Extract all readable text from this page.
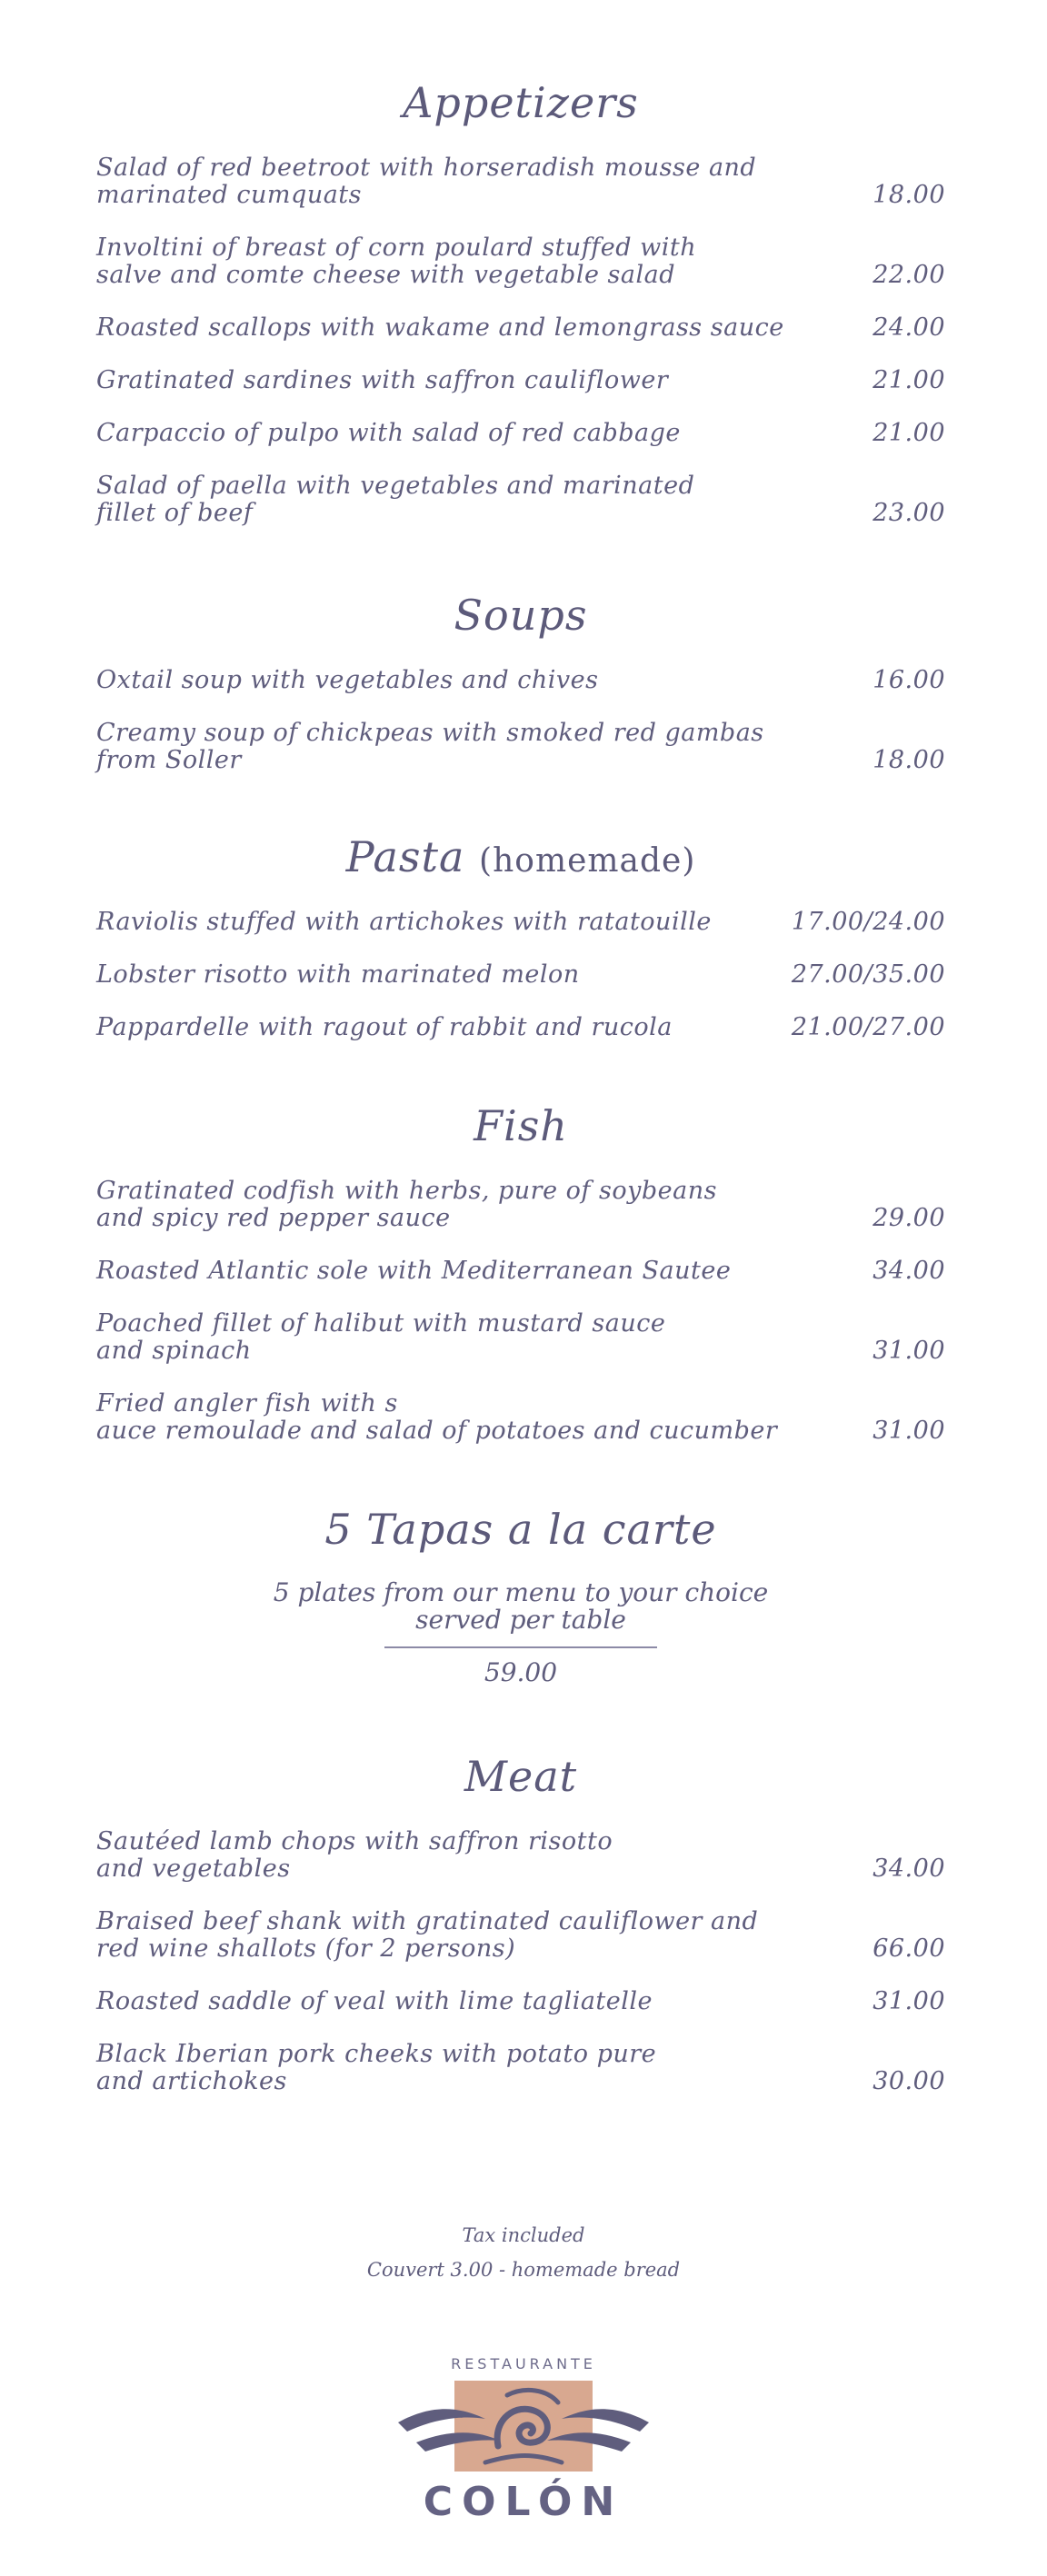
Appetizers
Salad of red beetroot with horseradish mousse and
marinated cumquats	18.00
Involtini of breast of corn poulard stuffed with
salve and comte cheese with vegetable salad	22.00
Roasted scallops with wakame and lemongrass sauce	24.00
Gratinated sardines with saffron cauliflower	21.00
Carpaccio of pulpo with salad of red cabbage	21.00
Salad of paella with vegetables and marinated
fillet of beef	23.00
Soups
Oxtail soup with vegetables and chives	16.00
Creamy soup of chickpeas with smoked red gambas
from Soller	18.00
Pasta (homemade)
Raviolis stuffed with artichokes with ratatouille	17.00/24.00
Lobster risotto with marinated melon	27.00/35.00
Pappardelle with ragout of rabbit and rucola	21.00/27.00
Fish
Gratinated codfish with herbs, pure of soybeans
and spicy red pepper sauce	29.00
Roasted Atlantic sole with Mediterranean Sautee	34.00
Poached fillet of halibut with mustard sauce
and spinach	31.00
Fried angler fish with s
auce remoulade and salad of potatoes and cucumber	31.00
5 Tapas a la carte
5 plates from our menu to your choice
served per table
59.00
Meat
Sautéed lamb chops with saffron risotto
and vegetables	34.00
Braised beef shank with gratinated cauliflower and
red wine shallots (for 2 persons)	66.00
Roasted saddle of veal with lime tagliatelle	31.00
Black Iberian pork cheeks with potato pure
and artichokes	30.00
Tax included
Couvert 3.00 - homemade bread
RESTAURANTE
COLÓN
